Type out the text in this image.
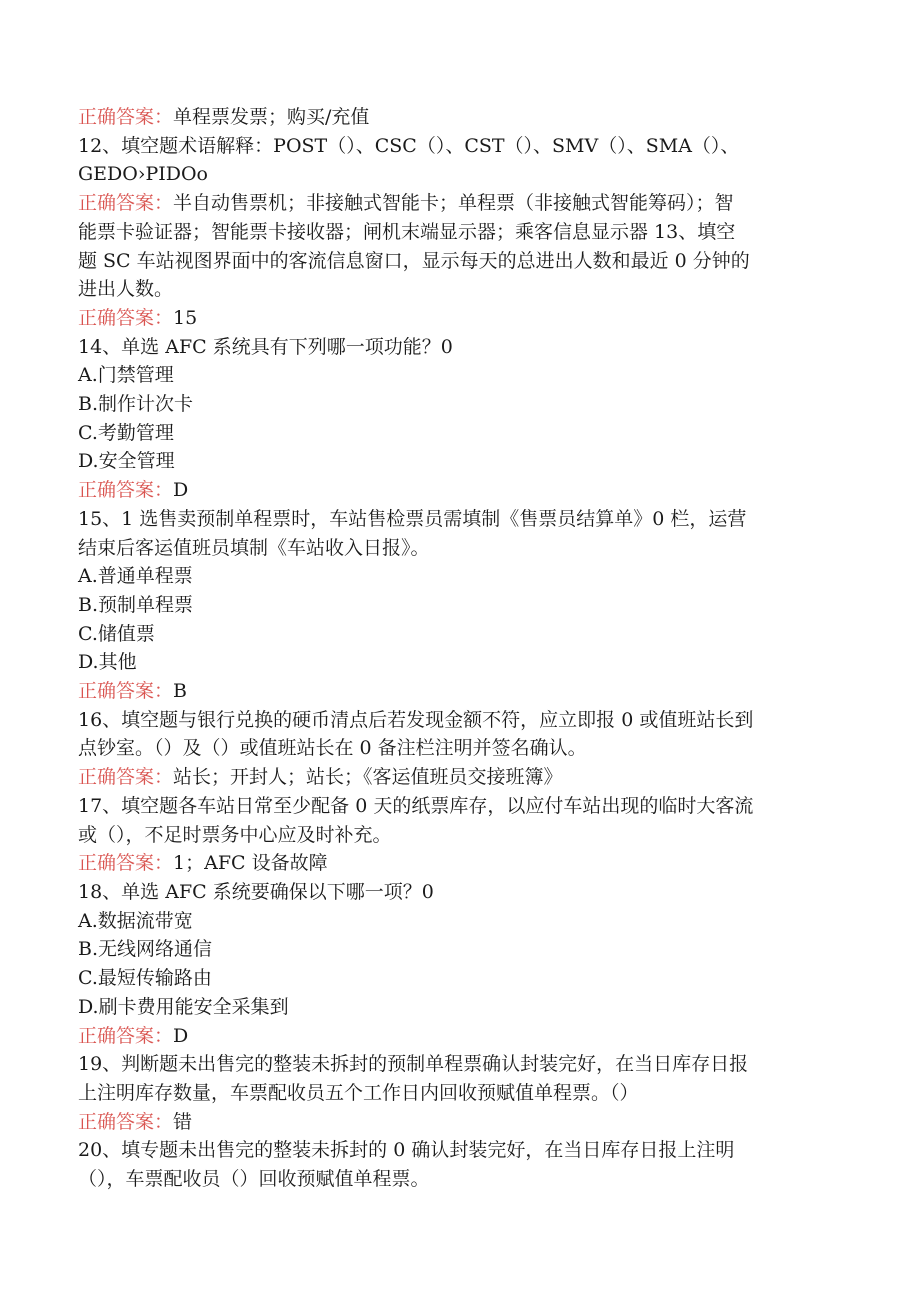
正确答案：单程票发票；购买/充值
12、填空题术语解释：POST（）、CSC（）、CST（）、SMV（）、SMA（）、
GEDO›PIDOo
正确答案：半自动售票机；非接触式智能卡；单程票（非接触式智能筹码）；智
能票卡验证器；智能票卡接收器；闸机末端显示器；乘客信息显示器 13、填空
题 SC 车站视图界面中的客流信息窗口，显示每天的总进出人数和最近 0 分钟的
进出人数。
正确答案：15
14、单选 AFC 系统具有下列哪一项功能？0
A.门禁管理
B.制作计次卡
C.考勤管理
D.安全管理
正确答案：D
15、1 选售卖预制单程票时，车站售检票员需填制《售票员结算单》0 栏，运营
结束后客运值班员填制《车站收入日报》。
A.普通单程票
B.预制单程票
C.储值票
D.其他
正确答案：B
16、填空题与银行兑换的硬币清点后若发现金额不符，应立即报 0 或值班站长到
点钞室。（）及（）或值班站长在 0 备注栏注明并签名确认。
正确答案：站长；开封人；站长；《客运值班员交接班簿》
17、填空题各车站日常至少配备 0 天的纸票库存，以应付车站出现的临时大客流
或（），不足时票务中心应及时补充。
正确答案：1；AFC 设备故障
18、单选 AFC 系统要确保以下哪一项？0
A.数据流带宽
B.无线网络通信
C.最短传输路由
D.刷卡费用能安全采集到
正确答案：D
19、判断题未出售完的整装未拆封的预制单程票确认封装完好，在当日库存日报
上注明库存数量，车票配收员五个工作日内回收预赋值单程票。（）
正确答案：错
20、填专题未出售完的整装未拆封的 0 确认封装完好，在当日库存日报上注明
（），车票配收员（）回收预赋值单程票。
